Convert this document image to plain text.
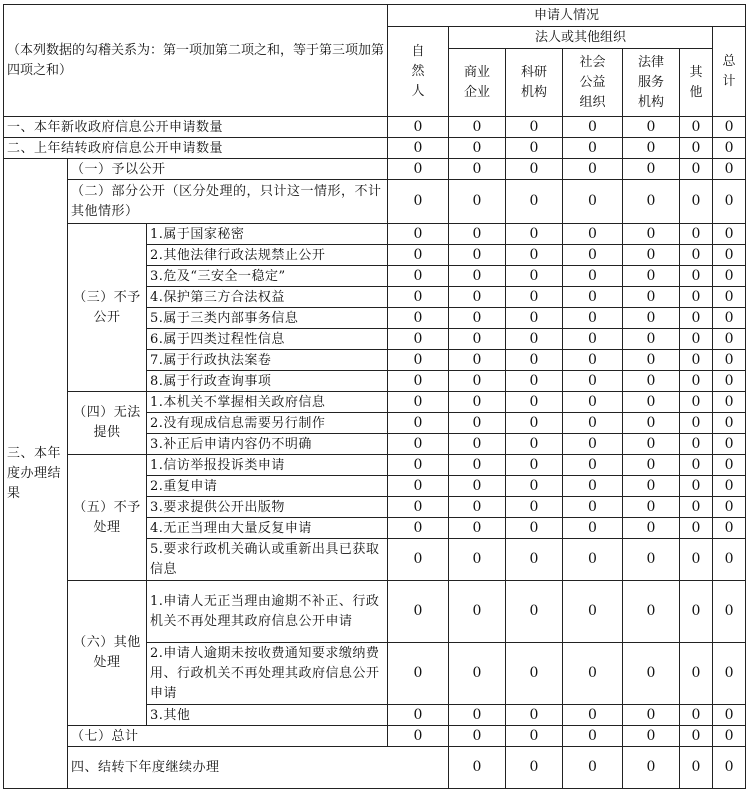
（本列数据的勾稽关系为：第一项加第二项之和，等于第三项加第四项之和）			申请人情况							

			自然人	法人或其他组织					总计	

				商业企业	科研机构	社会公益组织	法律服务机构	其他		

一、本年新收政府信息公开申请数量			0	0	0	0	0	0	0	
二、上年结转政府信息公开申请数量			0	0	0	0	0	0	0	
三、本年度办理结果	（一）予以公开		0	0	0	0	0	0	0	
	（二）部分公开（区分处理的，只计这一情形，不计其他情形）		0	0	0	0	0	0	0	
	（三）不予公开	1.属于国家秘密	0	0	0	0	0	0	0	
		2.其他法律行政法规禁止公开	0	0	0	0	0	0	0	
		3.危及“三安全一稳定”	0	0	0	0	0	0	0	
		4.保护第三方合法权益	0	0	0	0	0	0	0	
		5.属于三类内部事务信息	0	0	0	0	0	0	0	
		6.属于四类过程性信息	0	0	0	0	0	0	0	
		7.属于行政执法案卷	0	0	0	0	0	0	0	
		8.属于行政查询事项	0	0	0	0	0	0	0	
	（四）无法提供	1.本机关不掌握相关政府信息	0	0	0	0	0	0	0	
		2.没有现成信息需要另行制作	0	0	0	0	0	0	0	
		3.补正后申请内容仍不明确	0	0	0	0	0	0	0	
	（五）不予处理	1.信访举报投诉类申请	0	0	0	0	0	0	0	
		2.重复申请	0	0	0	0	0	0	0	
		3.要求提供公开出版物	0	0	0	0	0	0	0	
		4.无正当理由大量反复申请	0	0	0	0	0	0	0	
		5.要求行政机关确认或重新出具已获取信息	0	0	0	0	0	0	0	
	（六）其他处理	1.申请人无正当理由逾期不补正、行政机关不再处理其政府信息公开申请	0	0	0	0	0	0	0	
		2.申请人逾期未按收费通知要求缴纳费用、行政机关不再处理其政府信息公开申请	0	0	0	0	0	0	0	
		3.其他	0	0	0	0	0	0	0	
	（七）总计		0	0	0	0	0	0	0	
	四、结转下年度继续办理			0	0	0	0	0	0	
